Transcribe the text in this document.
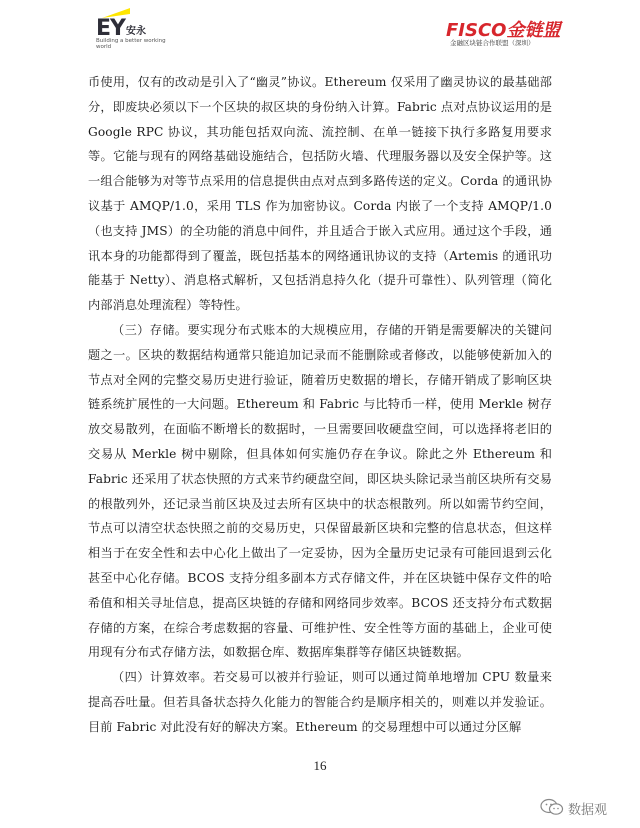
EY 安永
Building a better working world
FISCO金链盟
金融区块链合作联盟（深圳）

币使用，仅有的改动是引入了“幽灵”协议。Ethereum 仅采用了幽灵协议的最基础部分，即废块必须以下一个区块的叔区块的身份纳入计算。Fabric 点对点协议运用的是 Google RPC 协议，其功能包括双向流、流控制、在单一链接下执行多路复用要求等。它能与现有的网络基础设施结合，包括防火墙、代理服务器以及安全保护等。这一组合能够为对等节点采用的信息提供由点对点到多路传送的定义。Corda 的通讯协议基于 AMQP/1.0，采用 TLS 作为加密协议。Corda 内嵌了一个支持 AMQP/1.0（也支持 JMS）的全功能的消息中间件，并且适合于嵌入式应用。通过这个手段，通讯本身的功能都得到了覆盖，既包括基本的网络通讯协议的支持（Artemis 的通讯功能基于 Netty）、消息格式解析，又包括消息持久化（提升可靠性）、队列管理（简化内部消息处理流程）等特性。

（三）存储。要实现分布式账本的大规模应用，存储的开销是需要解决的关键问题之一。区块的数据结构通常只能追加记录而不能删除或者修改，以能够使新加入的节点对全网的完整交易历史进行验证，随着历史数据的增长，存储开销成了影响区块链系统扩展性的一大问题。Ethereum 和 Fabric 与比特币一样，使用 Merkle 树存放交易散列，在面临不断增长的数据时，一旦需要回收硬盘空间，可以选择将老旧的交易从 Merkle 树中剔除，但具体如何实施仍存在争议。除此之外 Ethereum 和 Fabric 还采用了状态快照的方式来节约硬盘空间，即区块头除记录当前区块所有交易的根散列外，还记录当前区块及过去所有区块中的状态根散列。所以如需节约空间，节点可以清空状态快照之前的交易历史，只保留最新区块和完整的信息状态，但这样相当于在安全性和去中心化上做出了一定妥协，因为全量历史记录有可能回退到云化甚至中心化存储。BCOS 支持分组多副本方式存储文件，并在区块链中保存文件的哈希值和相关寻址信息，提高区块链的存储和网络同步效率。BCOS 还支持分布式数据存储的方案，在综合考虑数据的容量、可维护性、安全性等方面的基础上，企业可使用现有分布式存储方法，如数据仓库、数据库集群等存储区块链数据。

（四）计算效率。若交易可以被并行验证，则可以通过简单地增加 CPU 数量来提高吞吐量。但若具备状态持久化能力的智能合约是顺序相关的，则难以并发验证。目前 Fabric 对此没有好的解决方案。Ethereum 的交易理想中可以通过分区解

16
数据观
